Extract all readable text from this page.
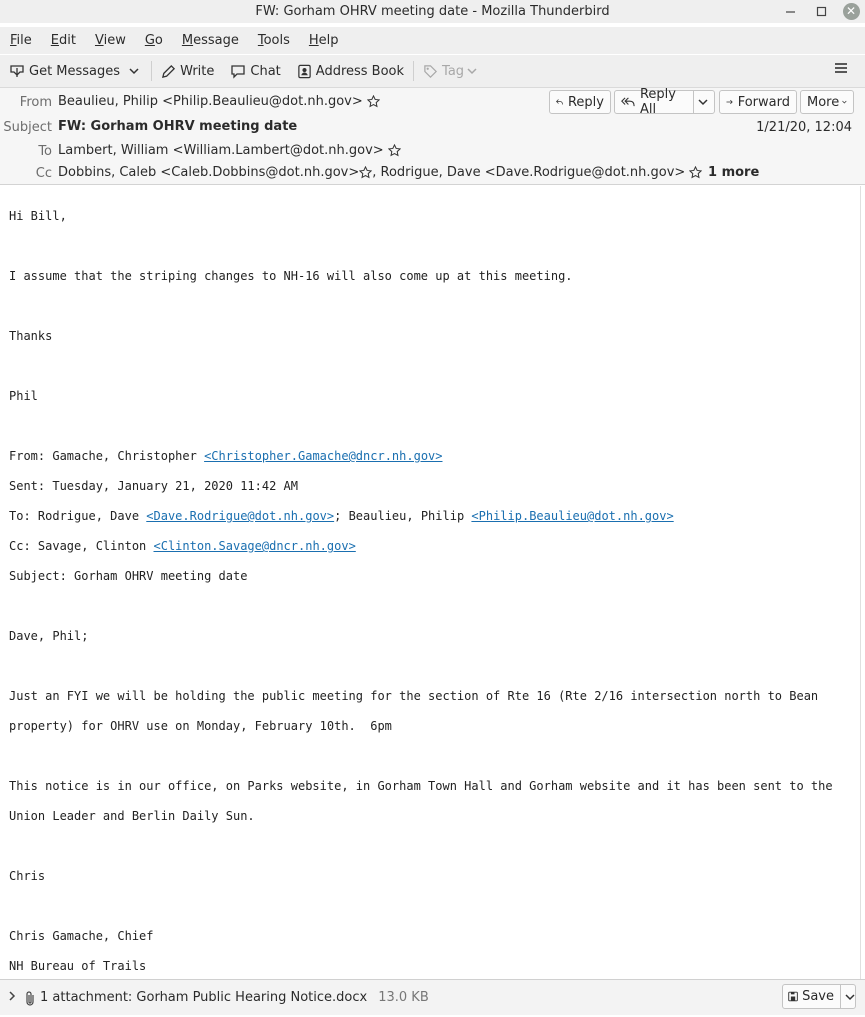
FW: Gorham OHRV meeting date - Mozilla Thunderbird	✕
File	Edit	View	Go	Message	Tools	Help
Get Messages	Write	Chat	Address Book	Tag
From Beaulieu, Philip <Philip.Beaulieu@dot.nh.gov>	Reply	Reply All	Forward More
Subject FW: Gorham OHRV meeting date	1/21/20, 12:04
To Lambert, William <William.Lambert@dot.nh.gov>
Cc Dobbins, Caleb <Caleb.Dobbins@dot.nh.gov> , Rodrigue, Dave <Dave.Rodrigue@dot.nh.gov>	1 more

Hi Bill,

I assume that the striping changes to NH-16 will also come up at this meeting.

Thanks

Phil

From: Gamache, Christopher <Christopher.Gamache@dncr.nh.gov>

Sent: Tuesday, January 21, 2020 11:42 AM

To: Rodrigue, Dave <Dave.Rodrigue@dot.nh.gov>; Beaulieu, Philip <Philip.Beaulieu@dot.nh.gov>

Cc: Savage, Clinton <Clinton.Savage@dncr.nh.gov>

Subject: Gorham OHRV meeting date

Dave, Phil;

Just an FYI we will be holding the public meeting for the section of Rte 16 (Rte 2/16 intersection north to Bean

property) for OHRV use on Monday, February 10th.  6pm

This notice is in our office, on Parks website, in Gorham Town Hall and Gorham website and it has been sent to the

Union Leader and Berlin Daily Sun.

Chris

Chris Gamache, Chief

NH Bureau of Trails

1 attachment: Gorham Public Hearing Notice.docx 13.0 KB	Save
